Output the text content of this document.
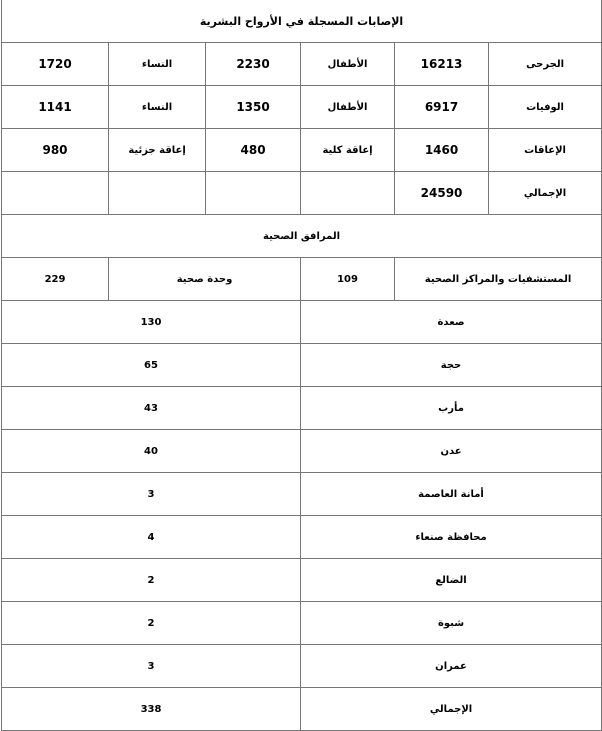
الإصابات المسجلة في الأرواح البشرية					
الجرحى	16213	الأطفال	2230	النساء	1720
الوفيات	6917	الأطفال	1350	النساء	1141
الإعاقات	1460	إعاقة كلية	480	إعاقة جزئية	980
الإجمالي	24590				
المرافق الصحية					
المستشفيات والمراكز الصحية		109	وحدة صحية		229
صعدة			130		
حجة			65		
مأرب			43		
عدن			40		
أمانة العاصمة			3		
محافظة صنعاء			4		
الضالع			2		
شبوة			2		
عمران			3		
الإجمالي			338		
